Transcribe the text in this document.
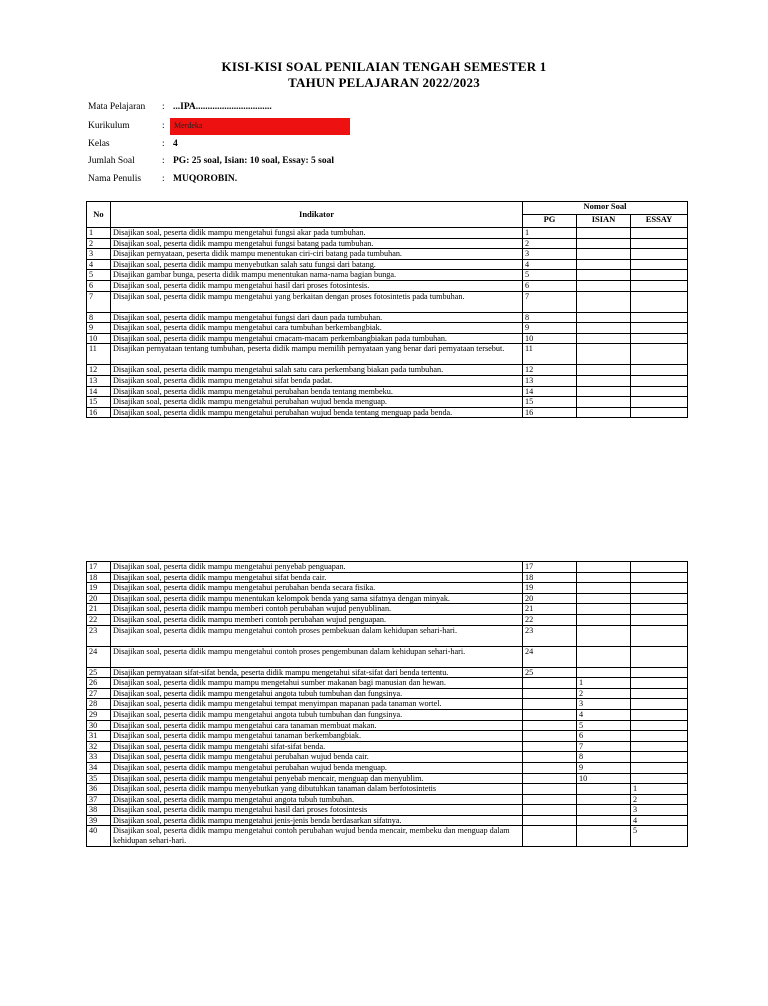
KISI-KISI SOAL PENILAIAN TENGAH SEMESTER 1
TAHUN PELAJARAN 2022/2023
Mata Pelajaran	: ...IPA................................
Merdeka
Kurikulum	:
Kelas	: 4
Jumlah Soal	: PG: 25 soal, Isian: 10 soal, Essay: 5 soal
Nama Penulis	: MUQOROBIN.
No	Indikator	Nomor Soal		
		PG	ISIAN	ESSAY
1	Disajikan soal, peserta didik mampu mengetahui fungsi akar pada tumbuhan.	1		
2	Disajikan soal, peserta didik mampu mengetahui fungsi batang pada tumbuhan.	2		
3	Disajikan pernyataan, peserta didik mampu menentukan ciri-ciri batang pada tumbuhan.	3		
4	Disajikan soal, peserta didik mampu menyebutkan salah satu fungsi dari batang.	4		
5	Disajikan gambar bunga, peserta didik mampu menentukan nama-nama bagian bunga.	5		
6	Disajikan soal, peserta didik mampu mengetahui hasil dari proses fotosintesis.	6		
7	Disajikan soal, peserta didik mampu mengetahui yang berkaitan dengan proses fotosintetis pada tumbuhan.	7		
8	Disajikan soal, peserta didik mampu mengetahui fungsi dari daun pada tumbuhan.	8		
9	Disajikan soal, peserta didik mampu mengetahui cara tumbuhan berkembangbiak.	9		
10	Disajikan soal, peserta didik mampu mengetahui cmacam-macam perkembangbiakan pada tumbuhan.	10		
11	Disajikan pernyataan tentang tumbuhan, peserta didik mampu memilih pernyataan yang benar dari pernyataan tersebut.	11		
12	Disajikan soal, peserta didik mampu mengetahui salah satu cara perkembang biakan pada tumbuhan.	12		
13	Disajikan soal, peserta didik mampu mengetahui sifat benda padat.	13		
14	Disajikan soal, peserta didik mampu mengetahui perubahan benda tentang membeku.	14		
15	Disajikan soal, peserta didik mampu mengetahui perubahan wujud benda menguap.	15		
16	Disajikan soal, peserta didik mampu mengetahui perubahan wujud benda tentang menguap pada benda.	16		
17	Disajikan soal, peserta didik mampu mengetahui penyebab penguapan.	17		
18	Disajikan soal, peserta didik mampu mengetahui sifat benda cair.	18		
19	Disajikan soal, peserta didik mampu mengetahui perubahan benda secara fisika.	19		
20	Disajikan soal, peserta didik mampu menentukan kelompok benda yang sama sifatnya dengan minyak.	20		
21	Disajikan soal, peserta didik mampu memberi contoh perubahan wujud penyublinan.	21		
22	Disajikan soal, peserta didik mampu memberi contoh perubahan wujud penguapan.	22		
23	Disajikan soal, peserta didik mampu mengetahui contoh proses pembekuan dalam kehidupan sehari-hari.	23		
24	Disajikan soal, peserta didik mampu mengetahui contoh proses pengembunan dalam kehidupan sehari-hari.	24		
25	Disajikan pernyataan sifat-sifat benda, peserta didik mampu mengetahui sifat-sifat dari benda tertentu.	25		
26	Disajikan soal, peserta didik mampu mampu mengetahui sumber makanan bagi manusian dan hewan.		1	
27	Disajikan soal, peserta didik mampu mengetahui angota tubuh tumbuhan dan fungsinya.		2	
28	Disajikan soal, peserta didik mampu mengetahui tempat menyimpan mapanan pada tanaman wortel.		3	
29	Disajikan soal, peserta didik mampu mengetahui angota tubuh tumbuhan dan fungsinya.		4	
30	Disajikan soal, peserta didik mampu mengetahui cara tanaman membuat makan.		5	
31	Disajikan soal, peserta didik mampu mengetahui tanaman berkembangbiak.		6	
32	Disajikan soal, peserta didik mampu mengetahi sifat-sifat benda.		7	
33	Disajikan soal, peserta didik mampu mengetahui perubahan wujud benda cair.		8	
34	Disajikan soal, peserta didik mampu mengetahui perubahan wujud benda menguap.		9	
35	Disajikan soal, peserta didik mampu mengetahui penyebab mencair, menguap dan menyublim.		10	
36	Disajikan soal, peserta didik mampu menyebutkan yang dibutuhkan tanaman dalam berfotosintetis			1
37	Disajikan soal, peserta didik mampu mengetahui angota tubuh tumbuhan.			2
38	Disajikan soal, peserta didik mampu mengetahui hasil dari proses fotosintesis			3
39	Disajikan soal, peserta didik mampu mengetahui jenis-jenis benda berdasarkan sifatnya.			4
40	Disajikan soal, peserta didik mampu mengetahui contoh perubahan wujud benda mencair, membeku dan menguap dalam kehidupan sehari-hari.			5
